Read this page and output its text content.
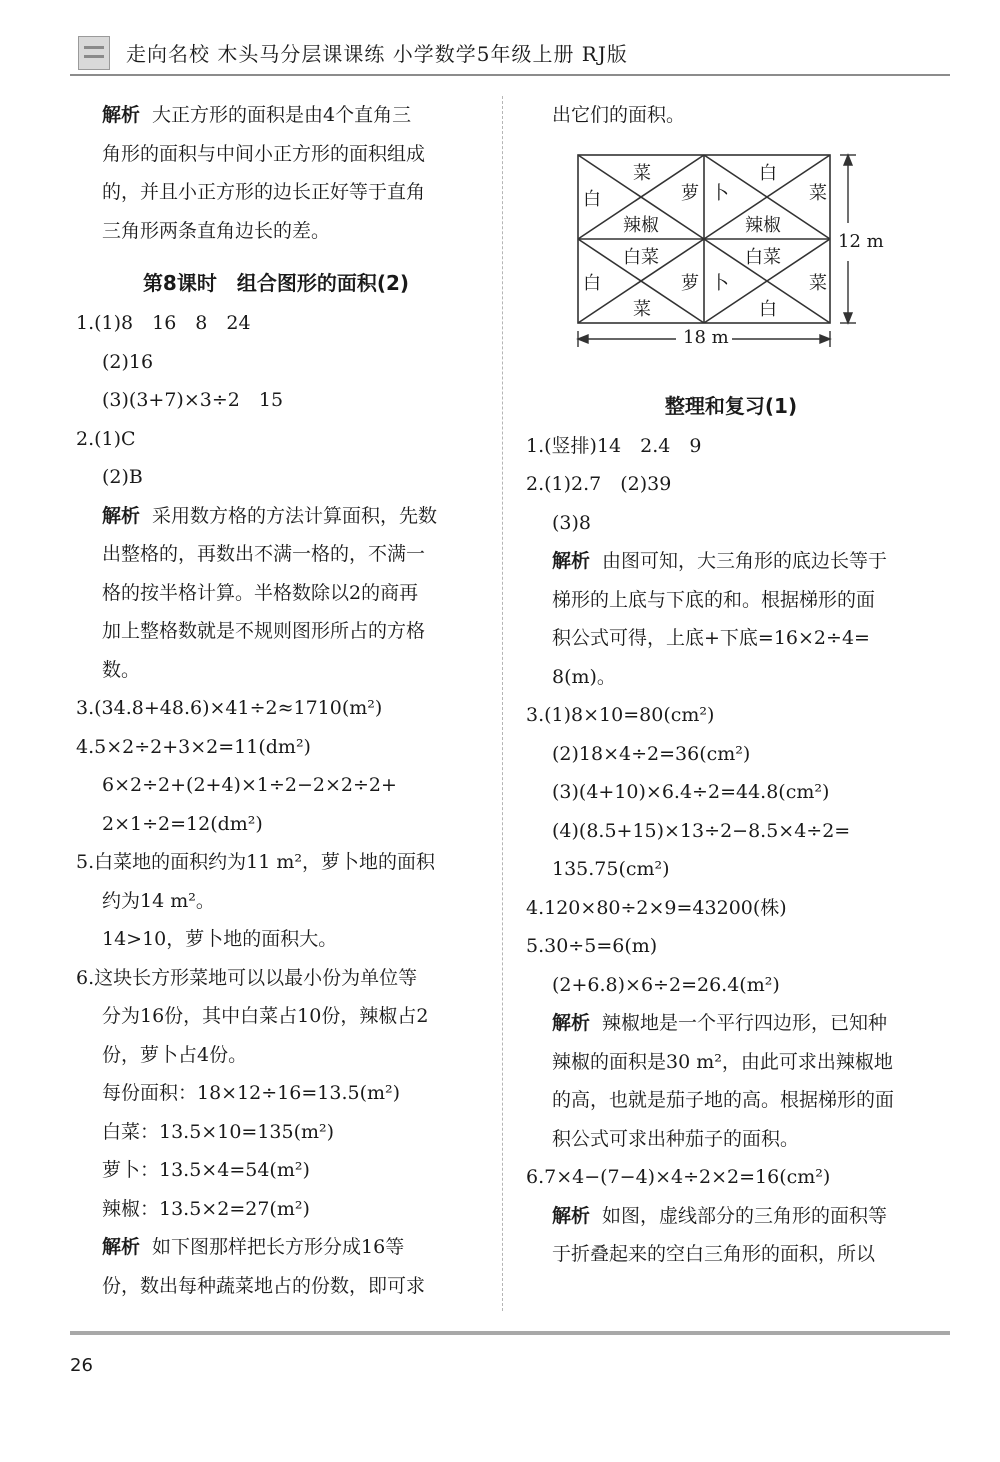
走向名校 木头马分层课课练 小学数学5年级上册 RJ版
解析 大正方形的面积是由4个直角三
角形的面积与中间小正方形的面积组成
的，并且小正方形的边长正好等于直角
三角形两条直角边长的差。
第8课时　组合图形的面积(2)
1.(1)8　16　8　24
(2)16
(3)(3+7)×3÷2　15
2.(1)C
(2)B
解析 采用数方格的方法计算面积，先数
出整格的，再数出不满一格的，不满一
格的按半格计算。半格数除以2的商再
加上整格数就是不规则图形所占的方格
数。
3.(34.8+48.6)×41÷2≈1710(m²)
4.5×2÷2+3×2=11(dm²)
6×2÷2+(2+4)×1÷2−2×2÷2+
2×1÷2=12(dm²)
5.白菜地的面积约为11 m²，萝卜地的面积
约为14 m²。
14>10，萝卜地的面积大。
6.这块长方形菜地可以以最小份为单位等
分为16份，其中白菜占10份，辣椒占2
份，萝卜占4份。
每份面积：18×12÷16=13.5(m²)
白菜：13.5×10=135(m²)
萝卜：13.5×4=54(m²)
辣椒：13.5×2=27(m²)
解析 如下图那样把长方形分成16等
份，数出每种蔬菜地占的份数，即可求
出它们的面积。
12 m
18 m
菜
白	萝 卜
辣椒
白
菜
辣椒
白菜	白菜
白	萝 卜	菜
菜	白
整理和复习(1)
1.(竖排)14　2.4　9
2.(1)2.7　(2)39
(3)8
解析 由图可知，大三角形的底边长等于
梯形的上底与下底的和。根据梯形的面
积公式可得，上底+下底=16×2÷4=
8(m)。
3.(1)8×10=80(cm²)
(2)18×4÷2=36(cm²)
(3)(4+10)×6.4÷2=44.8(cm²)
(4)(8.5+15)×13÷2−8.5×4÷2=
135.75(cm²)
4.120×80÷2×9=43200(株)
5.30÷5=6(m)
(2+6.8)×6÷2=26.4(m²)
解析 辣椒地是一个平行四边形，已知种
辣椒的面积是30 m²，由此可求出辣椒地
的高，也就是茄子地的高。根据梯形的面
积公式可求出种茄子的面积。
6.7×4−(7−4)×4÷2×2=16(cm²)
解析 如图，虚线部分的三角形的面积等
于折叠起来的空白三角形的面积，所以
26
